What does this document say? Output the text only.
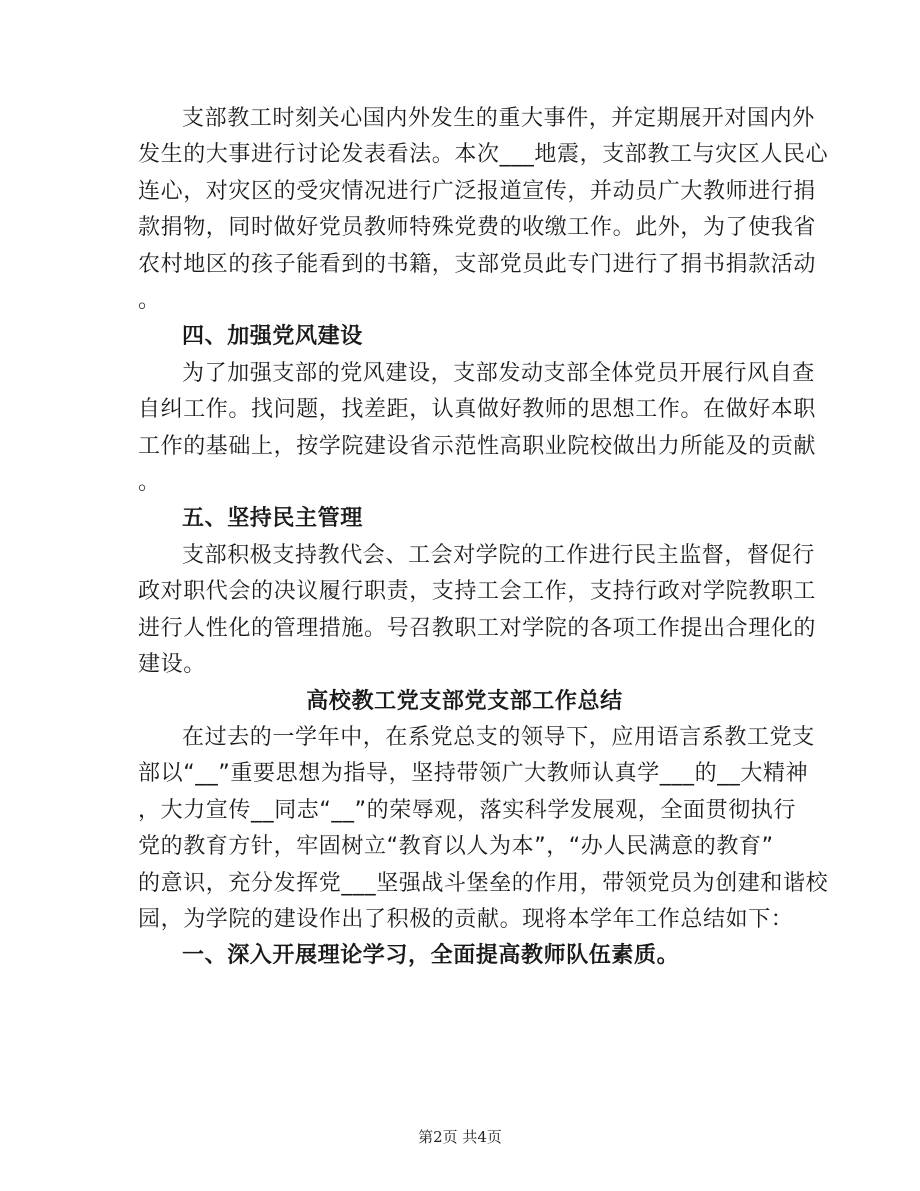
支部教工时刻关心国内外发生的重大事件，并定期展开对国内外
发生的大事进行讨论发表看法。本次___地震，支部教工与灾区人民心
连心，对灾区的受灾情况进行广泛报道宣传，并动员广大教师进行捐
款捐物，同时做好党员教师特殊党费的收缴工作。此外，为了使我省
农村地区的孩子能看到的书籍，支部党员此专门进行了捐书捐款活动
。
四、加强党风建设
为了加强支部的党风建设，支部发动支部全体党员开展行风自查
自纠工作。找问题，找差距，认真做好教师的思想工作。在做好本职
工作的基础上，按学院建设省示范性高职业院校做出力所能及的贡献
。
五、坚持民主管理
支部积极支持教代会、工会对学院的工作进行民主监督，督促行
政对职代会的决议履行职责，支持工会工作，支持行政对学院教职工
进行人性化的管理措施。号召教职工对学院的各项工作提出合理化的
建设。
高校教工党支部党支部工作总结
在过去的一学年中，在系党总支的领导下，应用语言系教工党支
部以“__”重要思想为指导，坚持带领广大教师认真学___的__大精神
，大力宣传__同志“__”的荣辱观，落实科学发展观，全面贯彻执行
党的教育方针，牢固树立“教育以人为本”，“办人民满意的教育”
的意识，充分发挥党___坚强战斗堡垒的作用，带领党员为创建和谐校
园，为学院的建设作出了积极的贡献。现将本学年工作总结如下：
一、深入开展理论学习，全面提高教师队伍素质。
第2页 共4页
